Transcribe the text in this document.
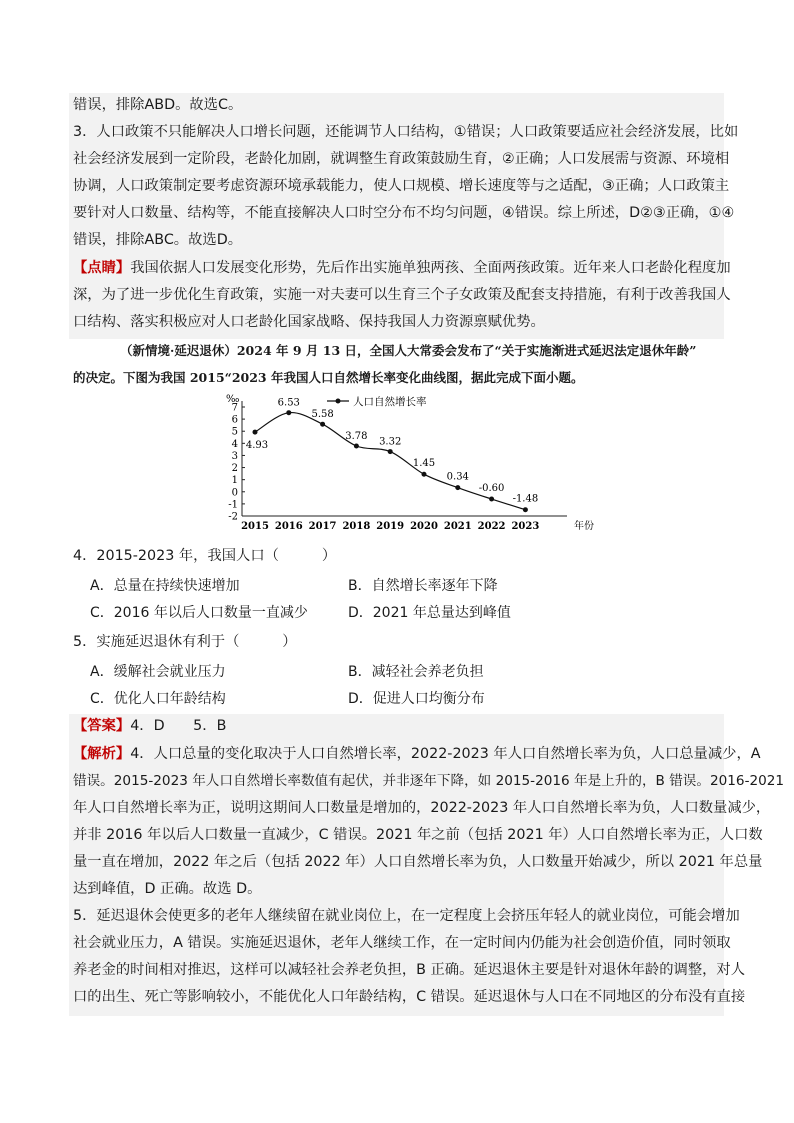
错误，排除ABD。故选C。
3．人口政策不只能解决人口增长问题，还能调节人口结构，①错误；人口政策要适应社会经济发展，比如
社会经济发展到一定阶段，老龄化加剧，就调整生育政策鼓励生育，②正确；人口发展需与资源、环境相
协调，人口政策制定要考虑资源环境承载能力，使人口规模、增长速度等与之适配，③正确；人口政策主
要针对人口数量、结构等，不能直接解决人口时空分布不均匀问题，④错误。综上所述，D②③正确，①④
错误，排除ABC。故选D。
【点睛】我国依据人口发展变化形势，先后作出实施单独两孩、全面两孩政策。近年来人口老龄化程度加
深，为了进一步优化生育政策，实施一对夫妻可以生育三个子女政策及配套支持措施，有利于改善我国人
口结构、落实积极应对人口老龄化国家战略、保持我国人力资源禀赋优势。
（新情境·延迟退休）2024 年 9 月 13 日，全国人大常委会发布了“关于实施渐进式延迟法定退休年龄”
的决定。下图为我国 2015“2023 年我国人口自然增长率变化曲线图，据此完成下面小题。
‰
7
6
5
4
3
2
1
0
-1
-2
2015 2016 2017 2018 2019 2020 2021 2022 2023	年份
4.93
6.53
5.58
3.78
3.32
1.45
0.34
-0.60
-1.48
人口自然增长率
4．2015-2023 年，我国人口（　　　）
A．总量在持续快速增加	B．自然增长率逐年下降
C．2016 年以后人口数量一直减少	D．2021 年总量达到峰值
5．实施延迟退休有利于（　　　）
A．缓解社会就业压力	B．减轻社会养老负担
C．优化人口年龄结构	D．促进人口均衡分布
【答案】4．D　　5．B
【解析】4．人口总量的变化取决于人口自然增长率，2022-2023 年人口自然增长率为负，人口总量减少，A
错误。2015-2023 年人口自然增长率数值有起伏，并非逐年下降，如 2015-2016 年是上升的，B 错误。2016-2021
年人口自然增长率为正，说明这期间人口数量是增加的，2022-2023 年人口自然增长率为负，人口数量减少，
并非 2016 年以后人口数量一直减少，C 错误。2021 年之前（包括 2021 年）人口自然增长率为正，人口数
量一直在增加，2022 年之后（包括 2022 年）人口自然增长率为负，人口数量开始减少，所以 2021 年总量
达到峰值，D 正确。故选 D。
5．延迟退休会使更多的老年人继续留在就业岗位上，在一定程度上会挤压年轻人的就业岗位，可能会增加
社会就业压力，A 错误。实施延迟退休，老年人继续工作，在一定时间内仍能为社会创造价值，同时领取
养老金的时间相对推迟，这样可以减轻社会养老负担，B 正确。延迟退休主要是针对退休年龄的调整，对人
口的出生、死亡等影响较小，不能优化人口年龄结构，C 错误。延迟退休与人口在不同地区的分布没有直接
